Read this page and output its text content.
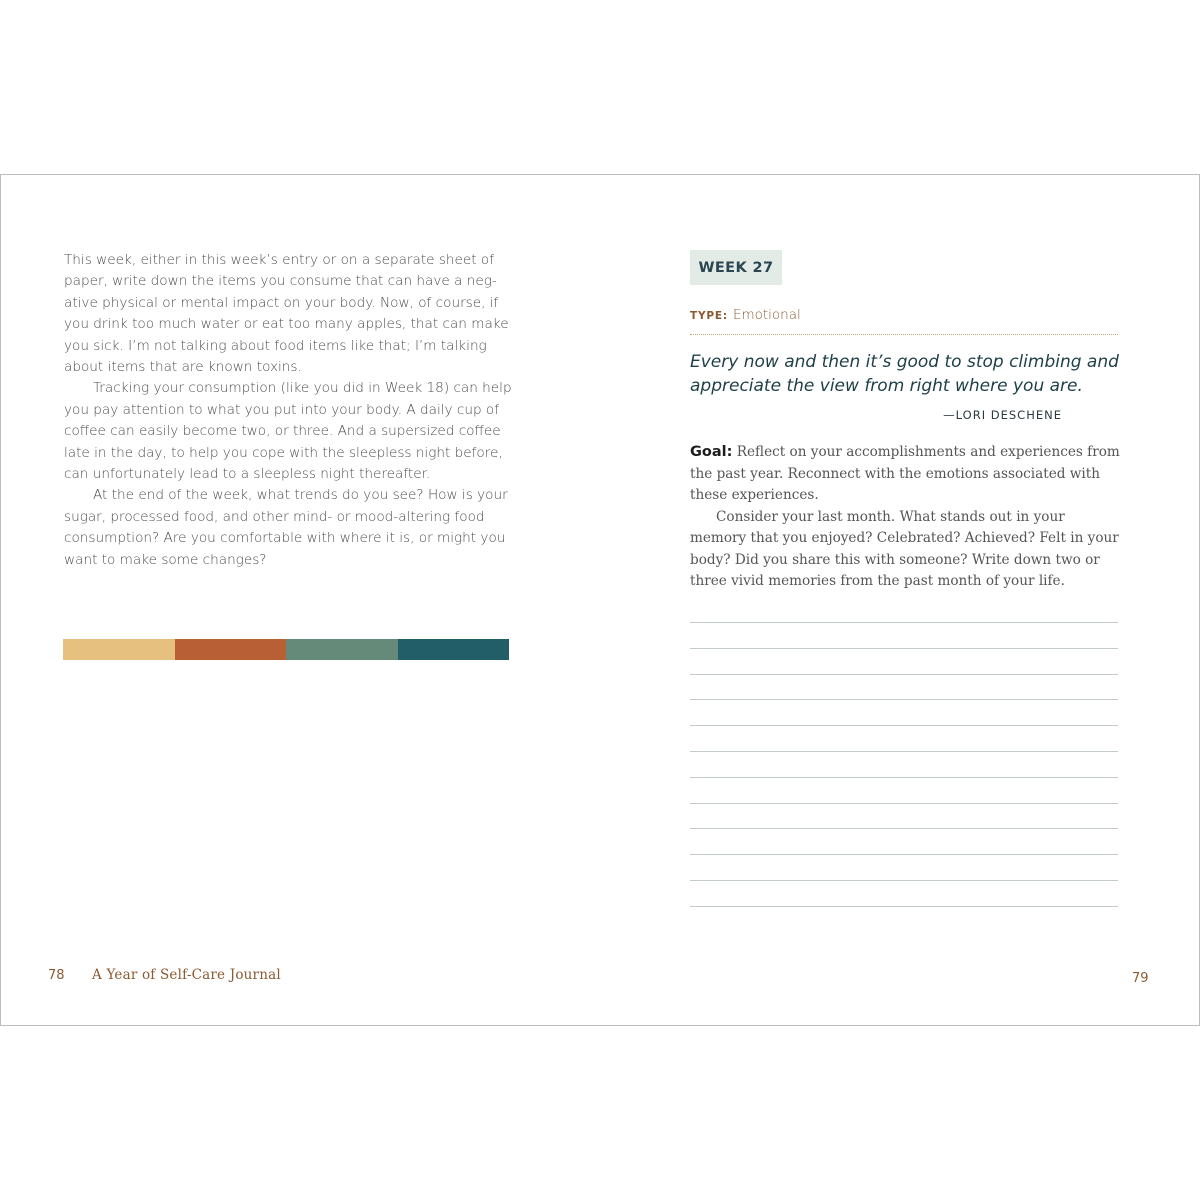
This week, either in this week’s entry or on a separate sheet of paper, write down the items you consume that can have a neg-ative physical or mental impact on your body. Now, of course, if you drink too much water or eat too many apples, that can make you sick. I’m not talking about food items like that; I’m talking about items that are known toxins.

Tracking your consumption (like you did in Week 18) can help you pay attention to what you put into your body. A daily cup of coffee can easily become two, or three. And a supersized coffee late in the day, to help you cope with the sleepless night before, can unfortunately lead to a sleepless night thereafter.

At the end of the week, what trends do you see? How is your sugar, processed food, and other mind- or mood-altering food consumption? Are you comfortable with where it is, or might you want to make some changes?

78 A Year of Self-Care Journal
WEEK 27
TYPE: Emotional
Every now and then it’s good to stop climbing and appreciate the view from right where you are.
—LORI DESCHENE

Goal: Reflect on your accomplishments and experiences from the past year. Reconnect with the emotions associated with these experiences.

Consider your last month. What stands out in your memory that you enjoyed? Celebrated? Achieved? Felt in your body? Did you share this with someone? Write down two or three vivid memories from the past month of your life.

79
